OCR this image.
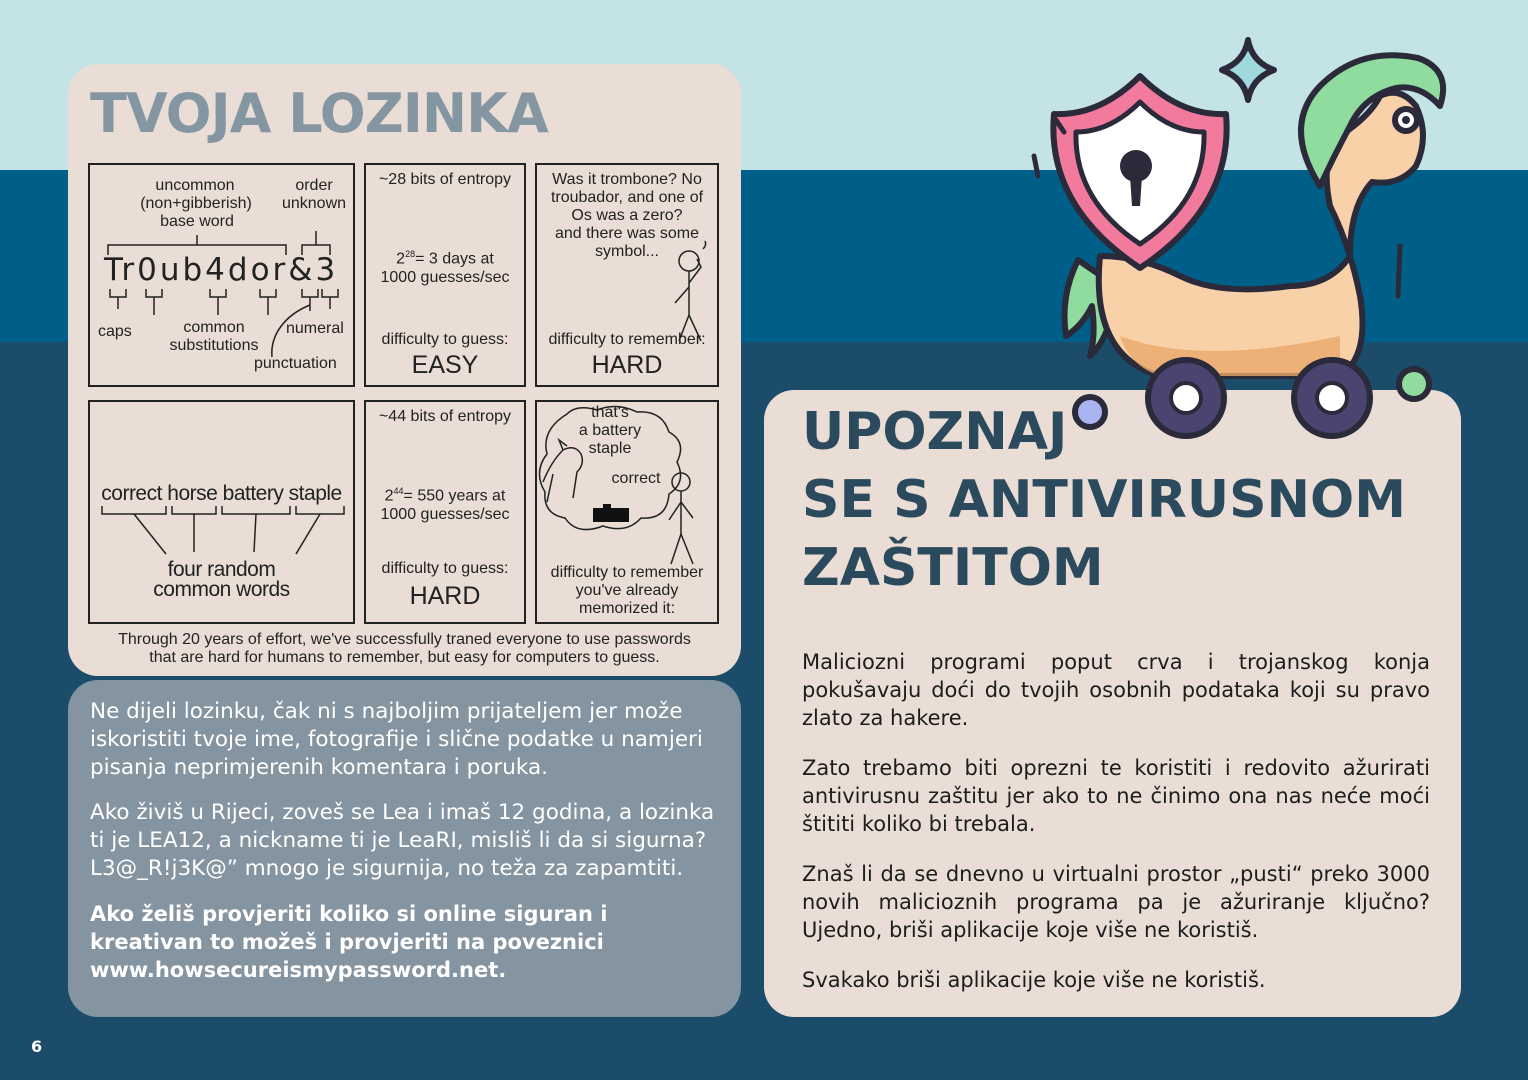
TVOJA LOZINKA
uncommon
(non+gibberish)
base word
order
unknown
Tr0ub4dor&3
caps	common
substitutions
numeral
punctuation
~28 bits of entropy
$2^{28}= 3$ days at
1000 guesses/sec
difficulty to guess:
EASY
Was it trombone? No
troubador, and one of
Os was a zero?
and there was some
symbol...
difficulty to remember:
HARD
correct horse battery staple
four random
common words
~44 bits of entropy
$2^{44}= 550$ years at
1000 guesses/sec
difficulty to guess:
HARD
that's
a battery
staple
correct
difficulty to remember
you've already
memorized it:
Through 20 years of effort, we've successfully traned everyone to use passwords
that are hard for humans to remember, but easy for computers to guess.

Ne dijeli lozinku, čak ni s najboljim prijateljem jer može iskoristiti tvoje ime, fotografije i slične podatke u namjeri pisanja neprimjerenih komentara i poruka.

Ako živiš u Rijeci, zoveš se Lea i imaš 12 godina, a lozinka ti je LEA12, a nickname ti je LeaRI, misliš li da si sigurna? L3@_R!j3K@” mnogo je sigurnija, no teža za zapamtiti.

Ako želiš provjeriti koliko si online siguran i kreativan to možeš i provjeriti na poveznici www.howsecureismypassword.net.

UPOZNAJ
SE S ANTIVIRUSNOM
ZAŠTITOM

Maliciozni programi poput crva i trojanskog konja pokušavaju doći do tvojih osobnih podataka koji su pravo zlato za hakere.

Zato trebamo biti oprezni te koristiti i redovito ažurirati antivirusnu zaštitu jer ako to ne činimo ona nas neće moći štititi koliko bi trebala.

Znaš li da se dnevno u virtualni prostor „pusti“ preko 3000 novih malicioznih programa pa je ažuriranje ključno? Ujedno, briši aplikacije koje više ne koristiš.

Svakako briši aplikacije koje više ne koristiš.

6
